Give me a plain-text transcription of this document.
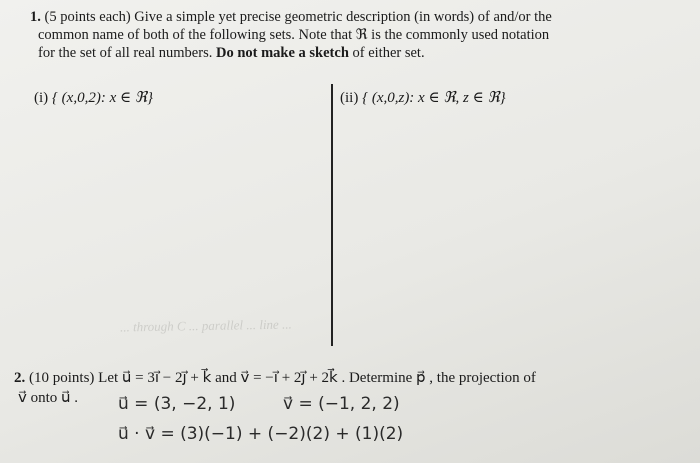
1. (5 points each) Give a simple yet precise geometric description (in words) of and/or the
common name of both of the following sets. Note that ℜ is the commonly used notation
for the set of all real numbers. Do not make a sketch of either set.
(i) { (x,0,2): x ∈ ℜ}	(ii) { (x,0,z): x ∈ ℜ, z ∈ ℜ}
... through C ... parallel ... line ...
2. (10 points) Let u⃗ = 3i⃗ − 2j⃗ + k⃗ and v⃗ = −i⃗ + 2j⃗ + 2k⃗ . Determine p⃗ , the projection of
v⃗ onto u⃗ .	u⃗ = (3, −2, 1)	v⃗ = (−1, 2, 2)
u⃗ · v⃗ = (3)(−1) + (−2)(2) + (1)(2)
